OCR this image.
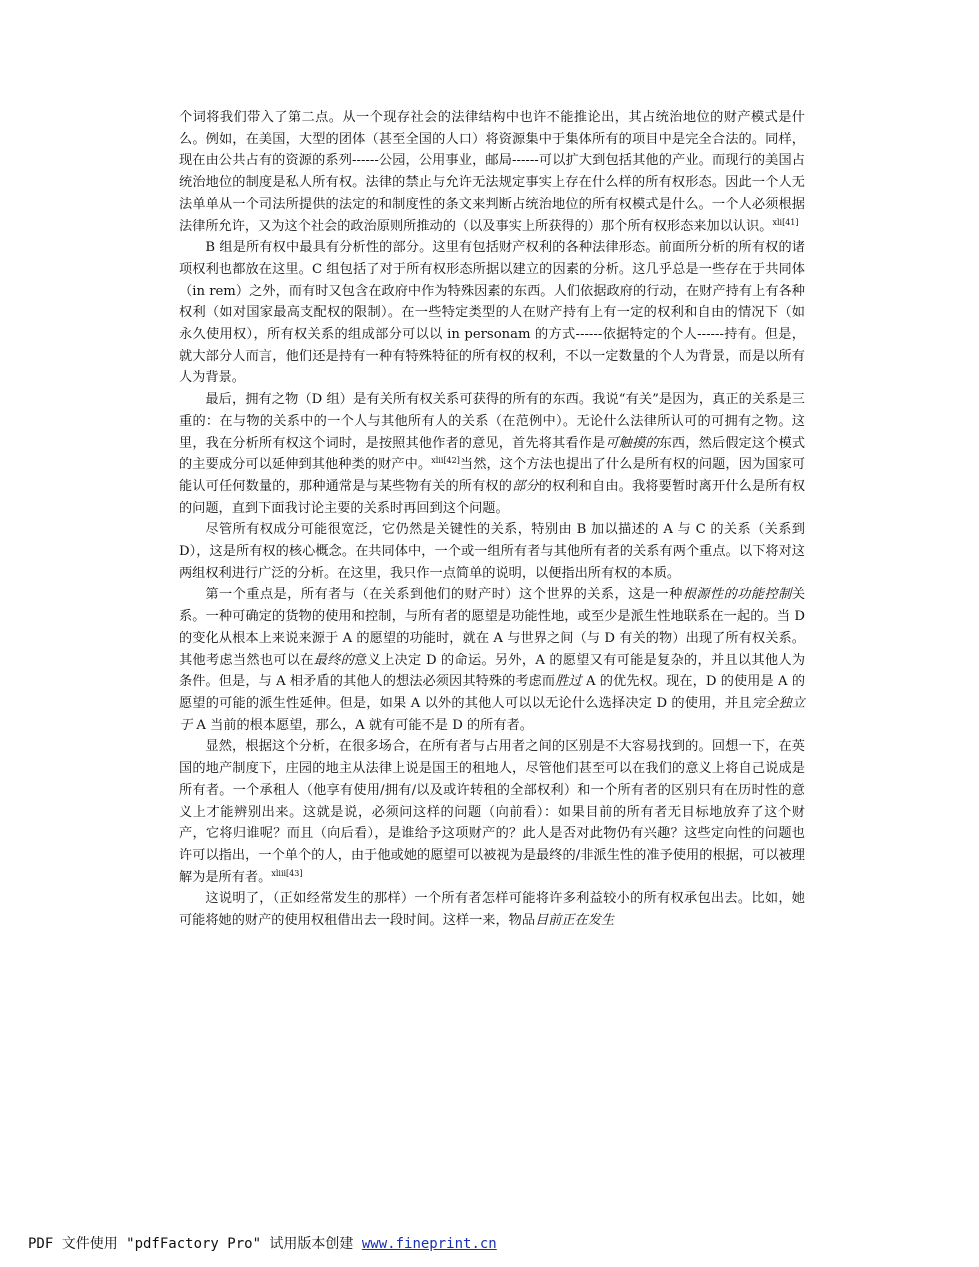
个词将我们带入了第二点。从一个现存社会的法律结构中也许不能推论出，其占统治地位的财产模式是什么。例如，在美国，大型的团体（甚至全国的人口）将资源集中于集体所有的项目中是完全合法的。同样，现在由公共占有的资源的系列------公园，公用事业，邮局------可以扩大到包括其他的产业。而现行的美国占统治地位的制度是私人所有权。法律的禁止与允许无法规定事实上存在什么样的所有权形态。因此一个人无法单单从一个司法所提供的法定的和制度性的条文来判断占统治地位的所有权模式是什么。一个人必须根据法律所允许，又为这个社会的政治原则所推动的（以及事实上所获得的）那个所有权形态来加以认识。$^{xli[41]}$

B 组是所有权中最具有分析性的部分。这里有包括财产权利的各种法律形态。前面所分析的所有权的诸项权利也都放在这里。C 组包括了对于所有权形态所据以建立的因素的分析。这几乎总是一些存在于共同体（in rem）之外，而有时又包含在政府中作为特殊因素的东西。人们依据政府的行动，在财产持有上有各种权利（如对国家最高支配权的限制）。在一些特定类型的人在财产持有上有一定的权利和自由的情况下（如永久使用权），所有权关系的组成部分可以以 in personam 的方式------依据特定的个人------持有。但是，就大部分人而言，他们还是持有一种有特殊特征的所有权的权利，不以一定数量的个人为背景，而是以所有人为背景。

最后，拥有之物（D 组）是有关所有权关系可获得的所有的东西。我说“有关”是因为，真正的关系是三重的：在与物的关系中的一个人与其他所有人的关系（在范例中）。无论什么法律所认可的可拥有之物。这里，我在分析所有权这个词时，是按照其他作者的意见，首先将其看作是可触摸的东西，然后假定这个模式的主要成分可以延伸到其他种类的财产中。$^{xlii[42]}$当然，这个方法也提出了什么是所有权的问题，因为国家可能认可任何数量的，那种通常是与某些物有关的所有权的部分的权利和自由。我将要暂时离开什么是所有权的问题，直到下面我讨论主要的关系时再回到这个问题。

尽管所有权成分可能很宽泛，它仍然是关键性的关系，特别由 B 加以描述的 A 与 C 的关系（关系到 D），这是所有权的核心概念。在共同体中，一个或一组所有者与其他所有者的关系有两个重点。以下将对这两组权利进行广泛的分析。在这里，我只作一点简单的说明，以便指出所有权的本质。

第一个重点是，所有者与（在关系到他们的财产时）这个世界的关系，这是一种根源性的功能控制关系。一种可确定的货物的使用和控制，与所有者的愿望是功能性地，或至少是派生性地联系在一起的。当 D 的变化从根本上来说来源于 A 的愿望的功能时，就在 A 与世界之间（与 D 有关的物）出现了所有权关系。其他考虑当然也可以在最终的意义上决定 D 的命运。另外，A 的愿望又有可能是复杂的，并且以其他人为条件。但是，与 A 相矛盾的其他人的想法必须因其特殊的考虑而胜过 A 的优先权。现在，D 的使用是 A 的愿望的可能的派生性延伸。但是，如果 A 以外的其他人可以以无论什么选择决定 D 的使用，并且完全独立于 A 当前的根本愿望，那么，A 就有可能不是 D 的所有者。

显然，根据这个分析，在很多场合，在所有者与占用者之间的区别是不大容易找到的。回想一下，在英国的地产制度下，庄园的地主从法律上说是国王的租地人，尽管他们甚至可以在我们的意义上将自己说成是所有者。一个承租人（他享有使用/拥有/以及或许转租的全部权利）和一个所有者的区别只有在历时性的意义上才能辨别出来。这就是说，必须问这样的问题（向前看）：如果目前的所有者无目标地放弃了这个财产，它将归谁呢？而且（向后看），是谁给予这项财产的？此人是否对此物仍有兴趣？这些定向性的问题也许可以指出，一个单个的人，由于他或她的愿望可以被视为是最终的/非派生性的准予使用的根据，可以被理解为是所有者。$^{xliii[43]}$

这说明了，（正如经常发生的那样）一个所有者怎样可能将许多利益较小的所有权承包出去。比如，她可能将她的财产的使用权租借出去一段时间。这样一来，物品目前正在发生

PDF 文件使用 "pdfFactory Pro" 试用版本创建 www.fineprint.cn
